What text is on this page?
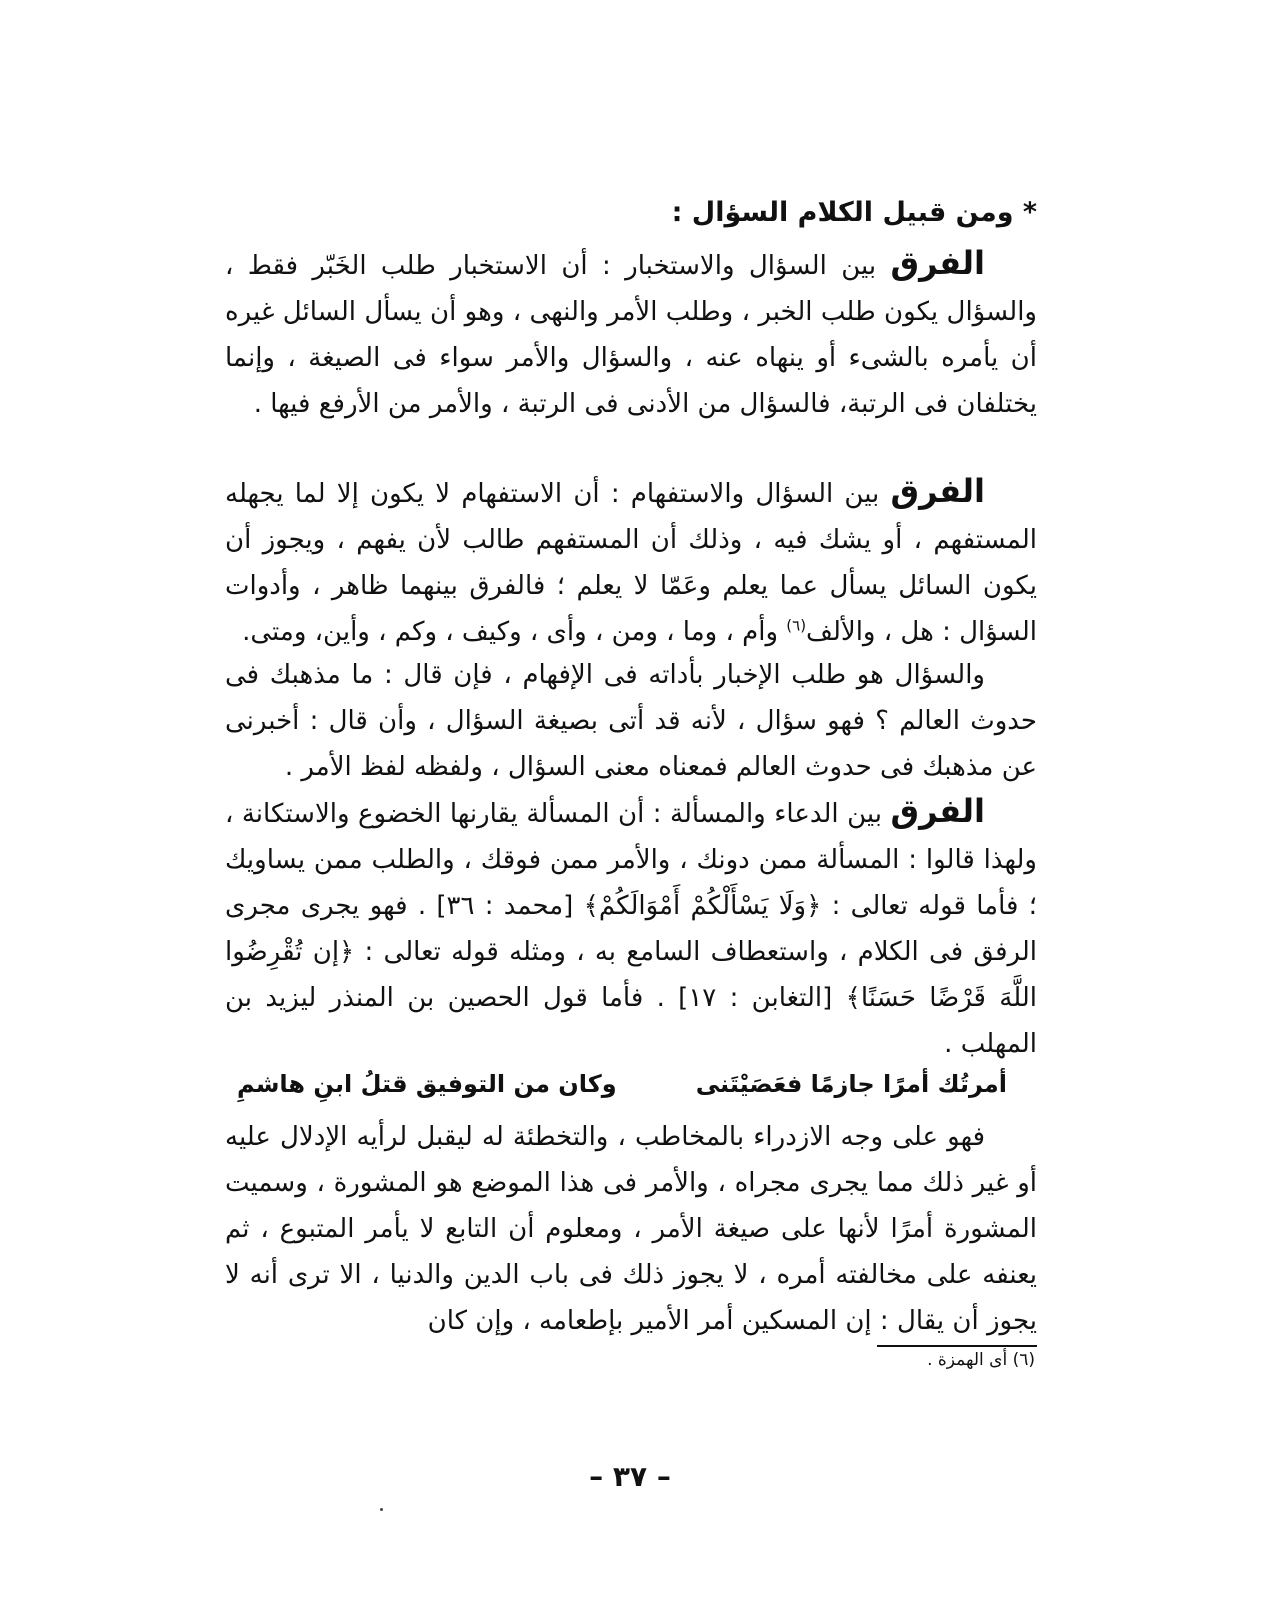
* ومن قبيل الكلام السؤال :

الفرق بين السؤال والاستخبار : أن الاستخبار طلب الخَبّر فقط ، والسؤال يكون طلب الخبر ، وطلب الأمر والنهى ، وهو أن يسأل السائل غيره أن يأمره بالشىء أو ينهاه عنه ، والسؤال والأمر سواء فى الصيغة ، وإنما يختلفان فى الرتبة، فالسؤال من الأدنى فى الرتبة ، والأمر من الأرفع فيها .

الفرق بين السؤال والاستفهام : أن الاستفهام لا يكون إلا لما يجهله المستفهم ، أو يشك فيه ، وذلك أن المستفهم طالب لأن يفهم ، ويجوز أن يكون السائل يسأل عما يعلم وعَمّا لا يعلم ؛ فالفرق بينهما ظاهر ، وأدوات السؤال : هل ، والألف$^{(٦)}$ وأم ، وما ، ومن ، وأى ، وكيف ، وكم ، وأين، ومتى.

والسؤال هو طلب الإخبار بأداته فى الإفهام ، فإن قال : ما مذهبك فى حدوث العالم ؟ فهو سؤال ، لأنه قد أتى بصيغة السؤال ، وأن قال : أخبرنى عن مذهبك فى حدوث العالم فمعناه معنى السؤال ، ولفظه لفظ الأمر .

الفرق بين الدعاء والمسألة : أن المسألة يقارنها الخضوع والاستكانة ، ولهذا قالوا : المسألة ممن دونك ، والأمر ممن فوقك ، والطلب ممن يساويك ؛ فأما قوله تعالى : ﴿وَلَا يَسْأَلْكُمْ أَمْوَالَكُمْ﴾ [محمد : ٣٦] . فهو يجرى مجرى الرفق فى الكلام ، واستعطاف السامع به ، ومثله قوله تعالى : ﴿إن تُقْرِضُوا اللَّهَ قَرْضًا حَسَنًا﴾ [التغابن : ١٧] . فأما قول الحصين بن المنذر ليزيد بن المهلب .

أمرتُك أمرًا جازمًا فعَصَيْتَنى
وكان من التوفيق قتلُ ابنِ هاشمِ

فهو على وجه الازدراء بالمخاطب ، والتخطئة له ليقبل لرأيه الإدلال عليه أو غير ذلك مما يجرى مجراه ، والأمر فى هذا الموضع هو المشورة ، وسميت المشورة أمرًا لأنها على صيغة الأمر ، ومعلوم أن التابع لا يأمر المتبوع ، ثم يعنفه على مخالفته أمره ، لا يجوز ذلك فى باب الدين والدنيا ، الا ترى أنه لا يجوز أن يقال : إن المسكين أمر الأمير بإطعامه ، وإن كان

(٦) أى الهمزة .
– ٣٧ –
